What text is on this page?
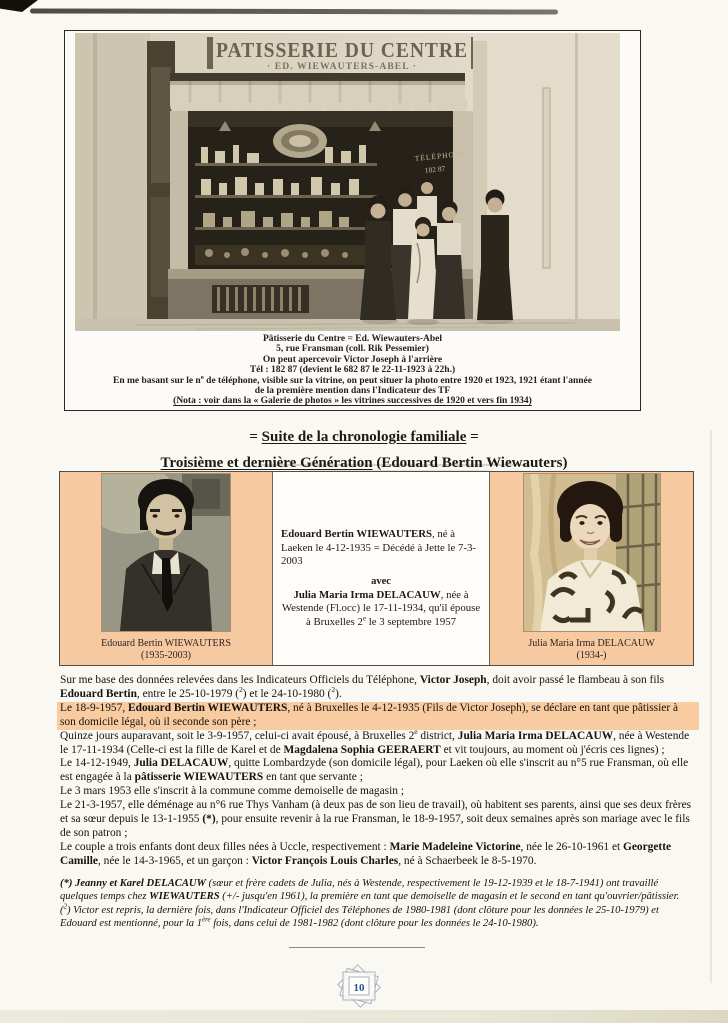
PATISSERIE DU CENTRE
· ED. WIEWAUTERS-ABEL ·
TÉLÉPHONE
182 87
Pâtisserie du Centre = Ed. Wiewauters-Abel
5, rue Fransman (coll. Rik Pessemier)
On peut apercevoir Victor Joseph à l'arrière
Tél : 182 87 (devient le 682 87 le 22-11-1923 à 22h.)
En me basant sur le $n^o$ de téléphone, visible sur la vitrine, on peut situer la photo entre 1920 et 1923, 1921 étant l'année
de la première mention dans l'Indicateur des TF
(Nota : voir dans la « Galerie de photos » les vitrines successives de 1920 et vers fin 1934)
= Suite de la chronologie familiale =
Troisième et dernière Génération (Edouard Bertin Wiewauters)
Edouard Bertin WIEWAUTERS
(1935-2003)
Edouard Bertin WIEWAUTERS, né à Laeken le 4-12-1935 = Décédé à Jette le 7-3-2003
avec
Julia Maria Irma DELACAUW, née à Westende (Fl.occ) le 17-11-1934, qu'il épouse à Bruxelles 2e le 3 septembre 1957
Julia Maria Irma DELACAUW
(1934-)

Sur me base des données relevées dans les Indicateurs Officiels du Téléphone, Victor Joseph, doit avoir passé le flambeau à son fils Edouard Bertin, entre le 25-10-1979 ($^2$) et le 24-10-1980 ($^2$).

Le 18-9-1957, Edouard Bertin WIEWAUTERS, né à Bruxelles le 4-12-1935 (Fils de Victor Joseph), se déclare en tant que pâtissier à son domicile légal, où il seconde son père ;

Quinze jours auparavant, soit le 3-9-1957, celui-ci avait épousé, à Bruxelles 2e district, Julia Maria Irma DELACAUW, née à Westende le 17-11-1934 (Celle-ci est la fille de Karel et de Magdalena Sophia GEERAERT et vit toujours, au moment où j'écris ces lignes) ;

Le 14-12-1949, Julia DELACAUW, quitte Lombardzyde (son domicile légal), pour Laeken où elle s'inscrit au n°5 rue Fransman, où elle est engagée à la pâtisserie WIEWAUTERS en tant que servante ;

Le 3 mars 1953 elle s'inscrit à la commune comme demoiselle de magasin ;

Le 21-3-1957, elle déménage au n°6 rue Thys Vanham (à deux pas de son lieu de travail), où habitent ses parents, ainsi que ses deux frères et sa sœur depuis le 13-1-1955 (*), pour ensuite revenir à la rue Fransman, le 18-9-1957, soit deux semaines après son mariage avec le fils de son patron ;

Le couple a trois enfants dont deux filles nées à Uccle, respectivement : Marie Madeleine Victorine, née le 26-10-1961 et Georgette Camille, née le 14-3-1965, et un garçon : Victor François Louis Charles, né à Schaerbeek le 8-5-1970.

(*) Jeanny et Karel DELACAUW (sœur et frère cadets de Julia, nés à Westende, respectivement le 19-12-1939 et le 18-7-1941) ont travaillé quelques temps chez WIEWAUTERS (+/- jusqu'en 1961), la première en tant que demoiselle de magasin et le second en tant qu'ouvrier/pâtissier.

($^2$) Victor est repris, la dernière fois, dans l'Indicateur Officiel des Téléphones de 1980-1981 (dont clôture pour les données le 25-10-1979) et Edouard est mentionné, pour la 1ère fois, dans celui de 1981-1982 (dont clôture pour les données le 24-10-1980).

10
